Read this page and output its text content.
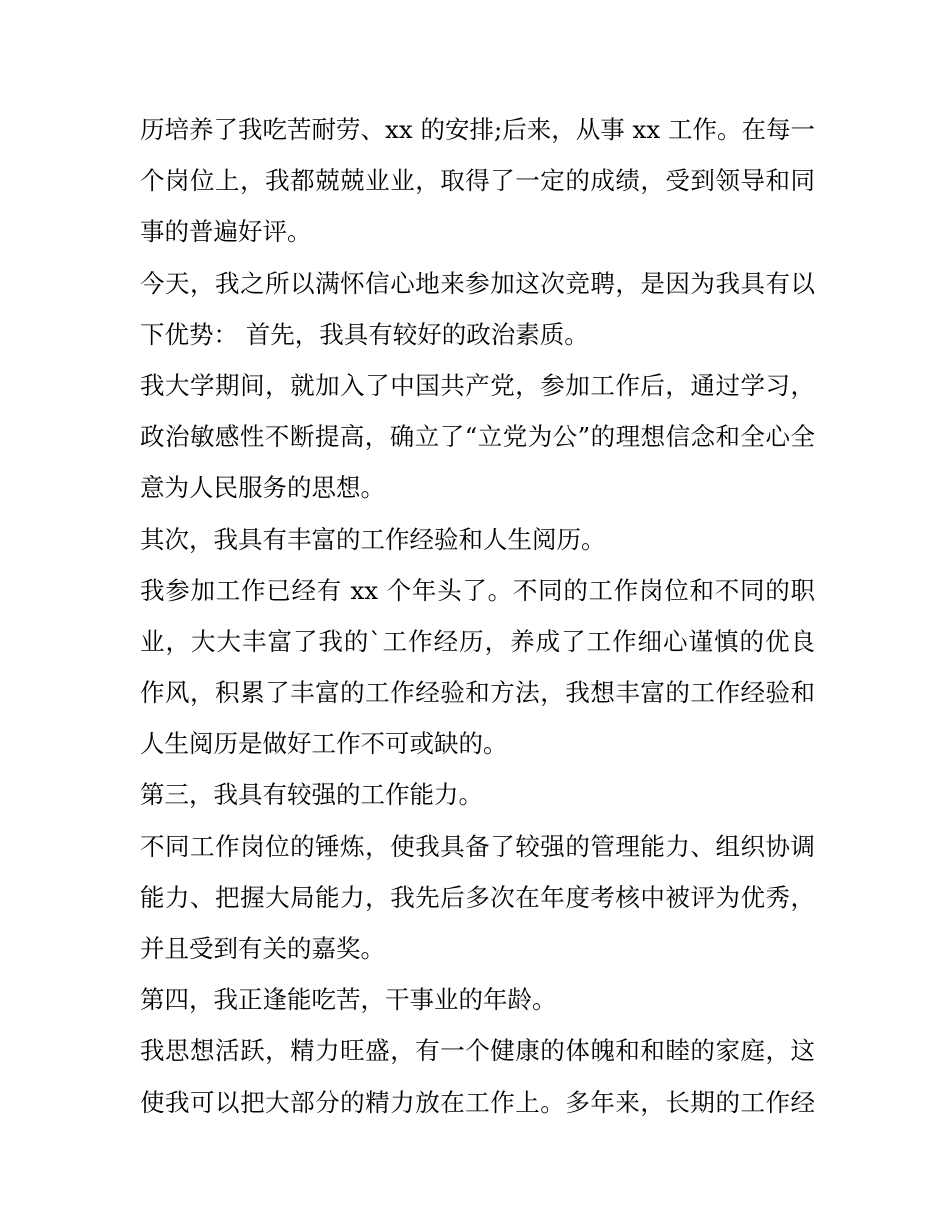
历培养了我吃苦耐劳、xx 的安排;后来，从事 xx 工作。在每一
个岗位上，我都兢兢业业，取得了一定的成绩，受到领导和同
事的普遍好评。
今天，我之所以满怀信心地来参加这次竞聘，是因为我具有以
下优势： 首先，我具有较好的政治素质。
我大学期间，就加入了中国共产党，参加工作后，通过学习，
政治敏感性不断提高，确立了“立党为公”的理想信念和全心全
意为人民服务的思想。
其次，我具有丰富的工作经验和人生阅历。
我参加工作已经有 xx 个年头了。不同的工作岗位和不同的职
业，大大丰富了我的`工作经历，养成了工作细心谨慎的优良
作风，积累了丰富的工作经验和方法，我想丰富的工作经验和
人生阅历是做好工作不可或缺的。
第三，我具有较强的工作能力。
不同工作岗位的锤炼，使我具备了较强的管理能力、组织协调
能力、把握大局能力，我先后多次在年度考核中被评为优秀，
并且受到有关的嘉奖。
第四，我正逢能吃苦，干事业的年龄。
我思想活跃，精力旺盛，有一个健康的体魄和和睦的家庭，这
使我可以把大部分的精力放在工作上。多年来，长期的工作经
